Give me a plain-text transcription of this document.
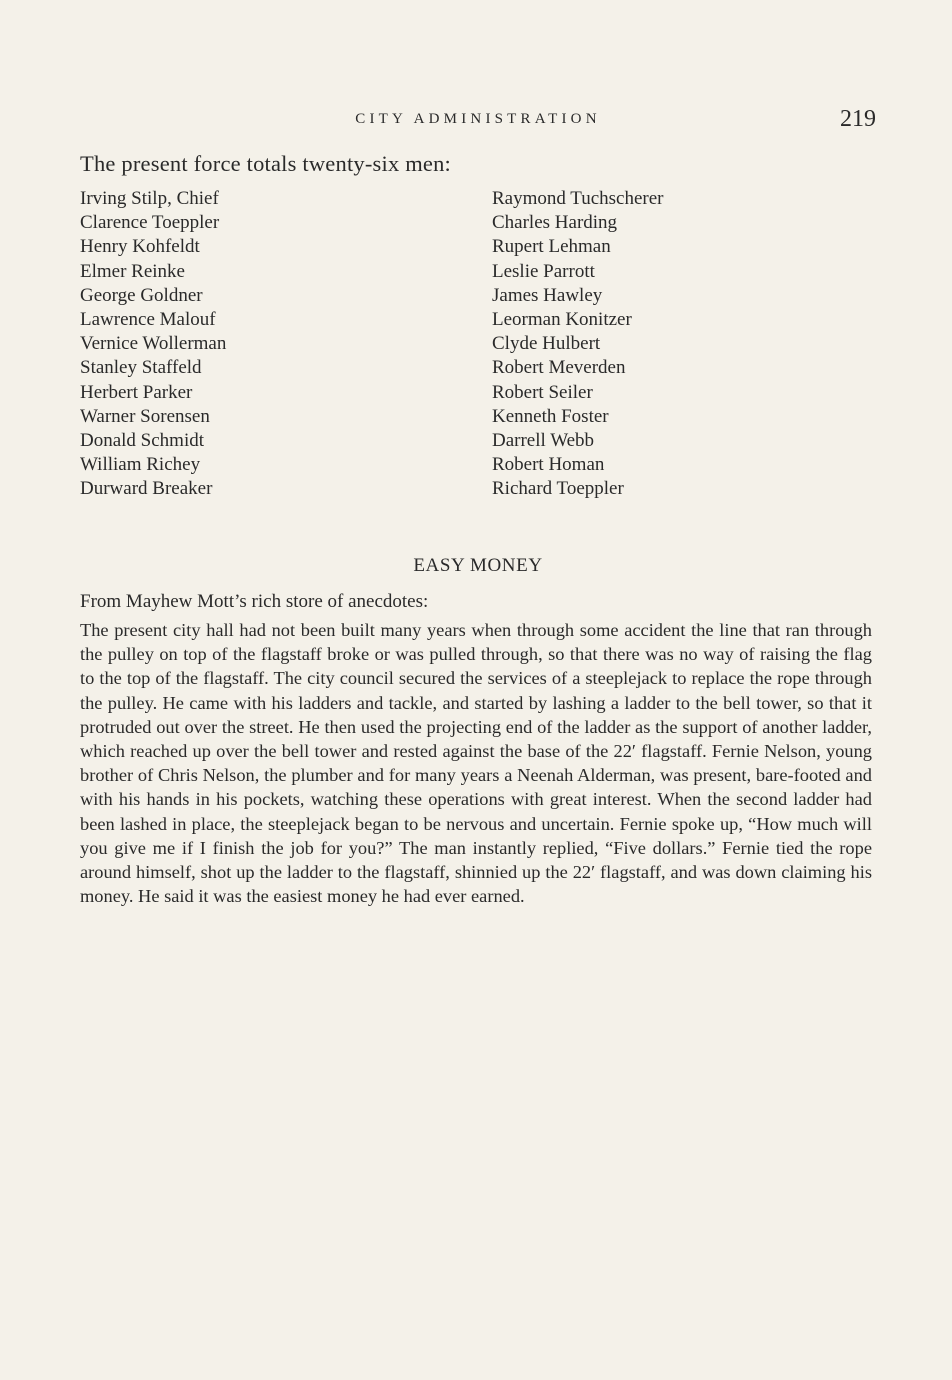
CITY ADMINISTRATION	219
The present force totals twenty-six men:
Irving Stilp, Chief
Clarence Toeppler
Henry Kohfeldt
Elmer Reinke
George Goldner
Lawrence Malouf
Vernice Wollerman
Stanley Staffeld
Herbert Parker
Warner Sorensen
Donald Schmidt
William Richey
Durward Breaker
Raymond Tuchscherer
Charles Harding
Rupert Lehman
Leslie Parrott
James Hawley
Leorman Konitzer
Clyde Hulbert
Robert Meverden
Robert Seiler
Kenneth Foster
Darrell Webb
Robert Homan
Richard Toeppler
EASY MONEY
From Mayhew Mott’s rich store of anecdotes:

The present city hall had not been built many years when through some accident the line that ran through the pulley on top of the flagstaff broke or was pulled through, so that there was no way of raising the flag to the top of the flagstaff. The city council secured the services of a steeplejack to replace the rope through the pulley. He came with his ladders and tackle, and started by lashing a ladder to the bell tower, so that it protruded out over the street. He then used the projecting end of the ladder as the support of another ladder, which reached up over the bell tower and rested against the base of the 22′ flagstaff. Fernie Nelson, young brother of Chris Nelson, the plumber and for many years a Neenah Alderman, was present, bare-footed and with his hands in his pockets, watching these operations with great interest. When the second ladder had been lashed in place, the steeplejack began to be nervous and uncertain. Fernie spoke up, “How much will you give me if I finish the job for you?” The man instantly replied, “Five dollars.” Fernie tied the rope around himself, shot up the ladder to the flagstaff, shinnied up the 22′ flagstaff, and was down claiming his money. He said it was the easiest money he had ever earned.
